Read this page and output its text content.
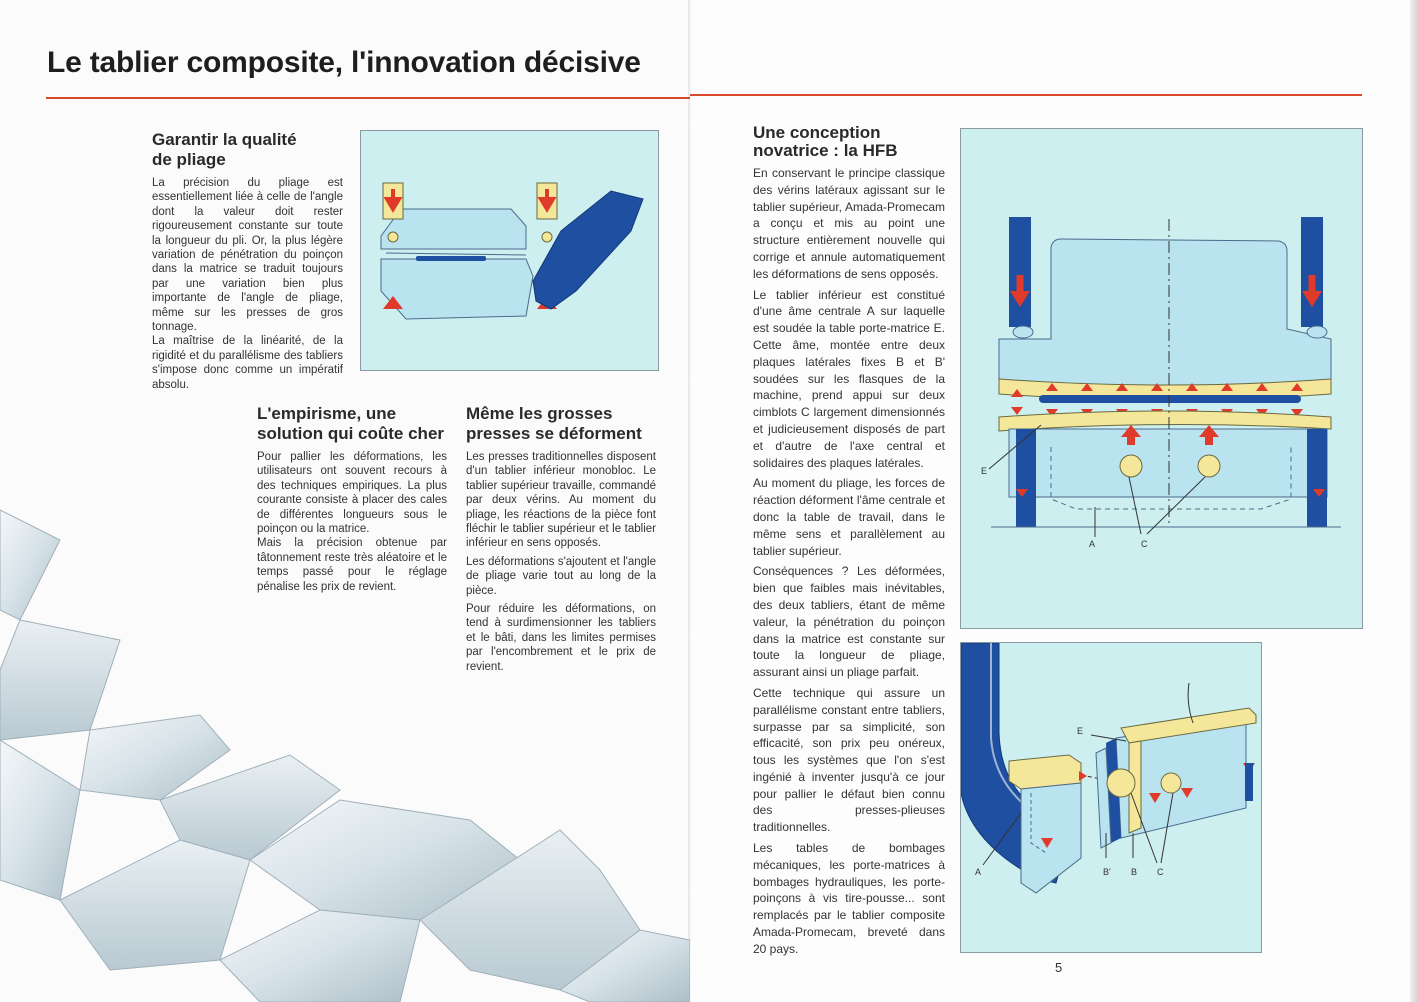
Le tablier composite, l'innovation décisive
Garantir la qualité
de pliage

La précision du pliage est essentiellement liée à celle de l'angle dont la valeur doit rester rigoureusement constante sur toute la longueur du pli. Or, la plus légère variation de pénétration du poinçon dans la matrice se traduit toujours par une variation bien plus importante de l'angle de pliage, même sur les presses de gros tonnage.

La maîtrise de la linéarité, de la rigidité et du parallélisme des tabliers s'impose donc comme un impératif absolu.

L'empirisme, une
solution qui coûte cher

Pour pallier les déformations, les utilisateurs ont souvent recours à des techniques empiriques. La plus courante consiste à placer des cales de différentes longueurs sous le poinçon ou la matrice.

Mais la précision obtenue par tâtonnement reste très aléatoire et le temps passé pour le réglage pénalise les prix de revient.

Même les grosses
presses se déforment

Les presses traditionnelles disposent d'un tablier inférieur monobloc. Le tablier supérieur travaille, commandé par deux vérins. Au moment du pliage, les réactions de la pièce font fléchir le tablier supérieur et le tablier inférieur en sens opposés.

Les déformations s'ajoutent et l'angle de pliage varie tout au long de la pièce.

Pour réduire les déformations, on tend à surdimensionner les tabliers et le bâti, dans les limites permises par l'encombrement et le prix de revient.

Une conception
novatrice : la HFB

En conservant le principe classique des vérins latéraux agissant sur le tablier supérieur, Amada-Promecam a conçu et mis au point une structure entièrement nouvelle qui corrige et annule automatiquement les déformations de sens opposés.

Le tablier inférieur est constitué d'une âme centrale A sur laquelle est soudée la table porte-matrice E. Cette âme, montée entre deux plaques latérales fixes B et B' soudées sur les flasques de la machine, prend appui sur deux cimblots C largement dimensionnés et judicieusement disposés de part et d'autre de l'axe central et solidaires des plaques latérales.

Au moment du pliage, les forces de réaction déforment l'âme centrale et donc la table de travail, dans le même sens et parallèlement au tablier supérieur.

Conséquences ? Les déformées, bien que faibles mais inévitables, des deux tabliers, étant de même valeur, la pénétration du poinçon dans la matrice est constante sur toute la longueur de pliage, assurant ainsi un pliage parfait.

Cette technique qui assure un parallélisme constant entre tabliers, surpasse par sa simplicité, son efficacité, son prix peu onéreux, tous les systèmes que l'on s'est ingénié à inventer jusqu'à ce jour pour pallier le défaut bien connu des presses-plieuses traditionnelles.

Les tables de bombages mécaniques, les porte-matrices à bombages hydrauliques, les porte-poinçons à vis tire-pousse... sont remplacés par le tablier composite Amada-Promecam, breveté dans 20 pays.

E
A	C
E
A	B' B C
5
